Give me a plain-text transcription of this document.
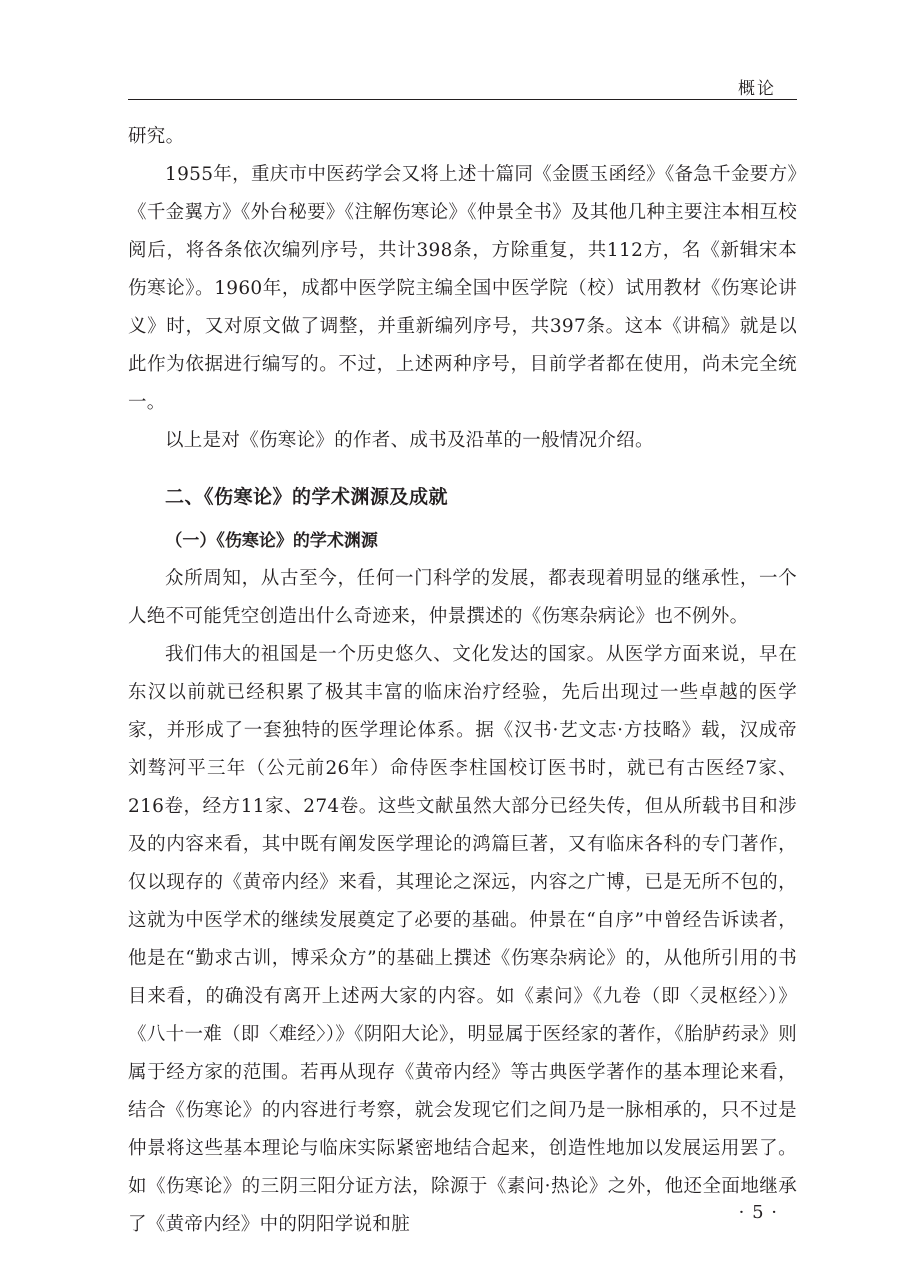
概论

研究。

1955年，重庆市中医药学会又将上述十篇同《金匮玉函经》《备急千金要方》《千金翼方》《外台秘要》《注解伤寒论》《仲景全书》及其他几种主要注本相互校阅后，将各条依次编列序号，共计398条，方除重复，共112方，名《新辑宋本伤寒论》。1960年，成都中医学院主编全国中医学院（校）试用教材《伤寒论讲义》时，又对原文做了调整，并重新编列序号，共397条。这本《讲稿》就是以此作为依据进行编写的。不过，上述两种序号，目前学者都在使用，尚未完全统一。

以上是对《伤寒论》的作者、成书及沿革的一般情况介绍。

二、《伤寒论》的学术渊源及成就
（一）《伤寒论》的学术渊源

众所周知，从古至今，任何一门科学的发展，都表现着明显的继承性，一个人绝不可能凭空创造出什么奇迹来，仲景撰述的《伤寒杂病论》也不例外。

我们伟大的祖国是一个历史悠久、文化发达的国家。从医学方面来说，早在东汉以前就已经积累了极其丰富的临床治疗经验，先后出现过一些卓越的医学家，并形成了一套独特的医学理论体系。据《汉书·艺文志·方技略》载，汉成帝刘骜河平三年（公元前26年）命侍医李柱国校订医书时，就已有古医经7家、216卷，经方11家、274卷。这些文献虽然大部分已经失传，但从所载书目和涉及的内容来看，其中既有阐发医学理论的鸿篇巨著，又有临床各科的专门著作，仅以现存的《黄帝内经》来看，其理论之深远，内容之广博，已是无所不包的，这就为中医学术的继续发展奠定了必要的基础。仲景在“自序”中曾经告诉读者，他是在“勤求古训，博采众方”的基础上撰述《伤寒杂病论》的，从他所引用的书目来看，的确没有离开上述两大家的内容。如《素问》《九卷（即〈灵枢经〉）》《八十一难（即〈难经〉）》《阴阳大论》，明显属于医经家的著作，《胎胪药录》则属于经方家的范围。若再从现存《黄帝内经》等古典医学著作的基本理论来看，结合《伤寒论》的内容进行考察，就会发现它们之间乃是一脉相承的，只不过是仲景将这些基本理论与临床实际紧密地结合起来，创造性地加以发展运用罢了。如《伤寒论》的三阴三阳分证方法，除源于《素问·热论》之外，他还全面地继承了《黄帝内经》中的阴阳学说和脏

· 5 ·
